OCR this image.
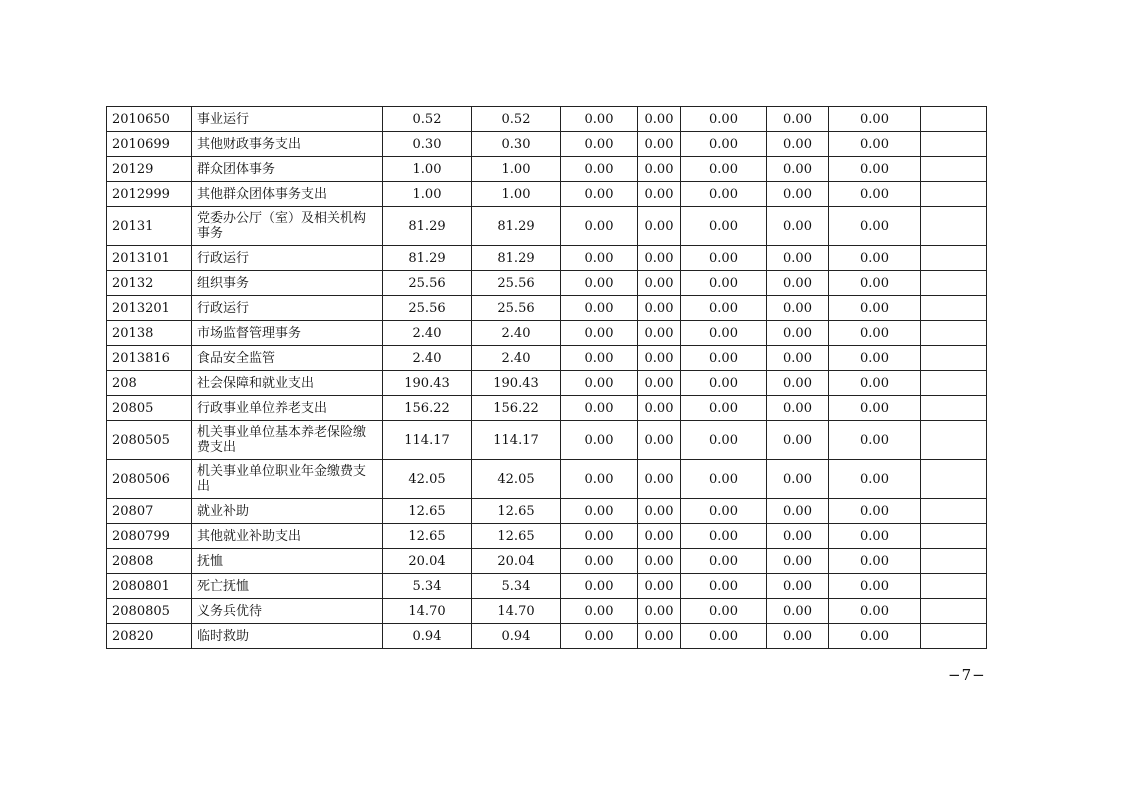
2010650	事业运行	0.52	0.52	0.00	0.00	0.00	0.00	0.00	
2010699	其他财政事务支出	0.30	0.30	0.00	0.00	0.00	0.00	0.00	
20129	群众团体事务	1.00	1.00	0.00	0.00	0.00	0.00	0.00	
2012999	其他群众团体事务支出	1.00	1.00	0.00	0.00	0.00	0.00	0.00	
20131	党委办公厅（室）及相关机构事务	81.29	81.29	0.00	0.00	0.00	0.00	0.00	
2013101	行政运行	81.29	81.29	0.00	0.00	0.00	0.00	0.00	
20132	组织事务	25.56	25.56	0.00	0.00	0.00	0.00	0.00	
2013201	行政运行	25.56	25.56	0.00	0.00	0.00	0.00	0.00	
20138	市场监督管理事务	2.40	2.40	0.00	0.00	0.00	0.00	0.00	
2013816	食品安全监管	2.40	2.40	0.00	0.00	0.00	0.00	0.00	
208	社会保障和就业支出	190.43	190.43	0.00	0.00	0.00	0.00	0.00	
20805	行政事业单位养老支出	156.22	156.22	0.00	0.00	0.00	0.00	0.00	
2080505	机关事业单位基本养老保险缴费支出	114.17	114.17	0.00	0.00	0.00	0.00	0.00	
2080506	机关事业单位职业年金缴费支出	42.05	42.05	0.00	0.00	0.00	0.00	0.00	
20807	就业补助	12.65	12.65	0.00	0.00	0.00	0.00	0.00	
2080799	其他就业补助支出	12.65	12.65	0.00	0.00	0.00	0.00	0.00	
20808	抚恤	20.04	20.04	0.00	0.00	0.00	0.00	0.00	
2080801	死亡抚恤	5.34	5.34	0.00	0.00	0.00	0.00	0.00	
2080805	义务兵优待	14.70	14.70	0.00	0.00	0.00	0.00	0.00	
20820	临时救助	0.94	0.94	0.00	0.00	0.00	0.00	0.00	
−7−
